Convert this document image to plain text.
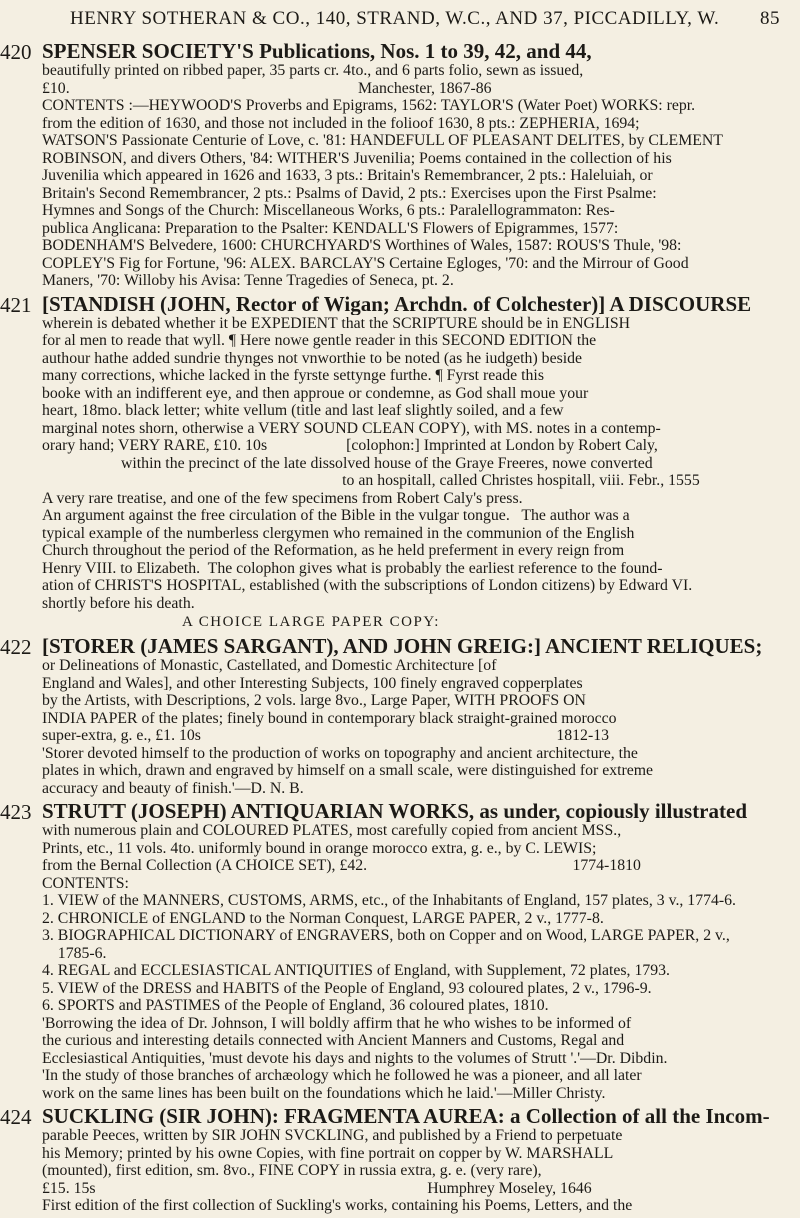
HENRY SOTHERAN & CO., 140, STRAND, W.C., AND 37, PICCADILLY, W. 85
420 SPENSER SOCIETY'S Publications, Nos. 1 to 39, 42, and 44,
beautifully printed on ribbed paper, 35 parts cr. 4to., and 6 parts folio, sewn as issued,
£10.                                                                         Manchester, 1867-86
CONTENTS :—HEYWOOD'S Proverbs and Epigrams, 1562: TAYLOR'S (Water Poet) WORKS: repr.
from the edition of 1630, and those not included in the folioof 1630, 8 pts.: ZEPHERIA, 1694;
WATSON'S Passionate Centurie of Love, c. '81: HANDEFULL OF PLEASANT DELITES, by CLEMENT
ROBINSON, and divers Others, '84: WITHER'S Juvenilia; Poems contained in the collection of his
Juvenilia which appeared in 1626 and 1633, 3 pts.: Britain's Remembrancer, 2 pts.: Haleluiah, or
Britain's Second Remembrancer, 2 pts.: Psalms of David, 2 pts.: Exercises upon the First Psalme:
Hymnes and Songs of the Church: Miscellaneous Works, 6 pts.: Paralellogrammaton: Res-
publica Anglicana: Preparation to the Psalter: KENDALL'S Flowers of Epigrammes, 1577:
BODENHAM'S Belvedere, 1600: CHURCHYARD'S Worthines of Wales, 1587: ROUS'S Thule, '98:
COPLEY'S Fig for Fortune, '96: ALEX. BARCLAY'S Certaine Egloges, '70: and the Mirrour of Good
Maners, '70: Willoby his Avisa: Tenne Tragedies of Seneca, pt. 2.
421 [STANDISH (JOHN, Rector of Wigan; Archdn. of Colchester)] A DISCOURSE
wherein is debated whether it be EXPEDIENT that the SCRIPTURE should be in ENGLISH
for al men to reade that wyll. ¶ Here nowe gentle reader in this SECOND EDITION the
authour hathe added sundrie thynges not vnworthie to be noted (as he iudgeth) beside
many corrections, whiche lacked in the fyrste settynge furthe. ¶ Fyrst reade this
booke with an indifferent eye, and then approue or condemne, as God shall moue your
heart, 18mo. black letter; white vellum (title and last leaf slightly soiled, and a few
marginal notes shorn, otherwise a VERY SOUND CLEAN COPY), with MS. notes in a contemp-
orary hand; VERY RARE, £10. 10s                    [colophon:] Imprinted at London by Robert Caly,
within the precinct of the late dissolved house of the Graye Freeres, nowe converted
to an hospitall, called Christes hospitall, viii. Febr., 1555
A very rare treatise, and one of the few specimens from Robert Caly's press.
An argument against the free circulation of the Bible in the vulgar tongue.   The author was a
typical example of the numberless clergymen who remained in the communion of the English
Church throughout the period of the Reformation, as he held preferment in every reign from
Henry VIII. to Elizabeth.  The colophon gives what is probably the earliest reference to the found-
ation of CHRIST'S HOSPITAL, established (with the subscriptions of London citizens) by Edward VI.
shortly before his death.
A CHOICE LARGE PAPER COPY:
422 [STORER (JAMES SARGANT), AND JOHN GREIG:] ANCIENT RELIQUES;
or Delineations of Monastic, Castellated, and Domestic Architecture [of
England and Wales], and other Interesting Subjects, 100 finely engraved copperplates
by the Artists, with Descriptions, 2 vols. large 8vo., Large Paper, WITH PROOFS ON
INDIA PAPER of the plates; finely bound in contemporary black straight-grained morocco
super-extra, g. e., £1. 10s                                                                                          1812-13
'Storer devoted himself to the production of works on topography and ancient architecture, the
plates in which, drawn and engraved by himself on a small scale, were distinguished for extreme
accuracy and beauty of finish.'—D. N. B.
423 STRUTT (JOSEPH) ANTIQUARIAN WORKS, as under, copiously illustrated
with numerous plain and COLOURED PLATES, most carefully copied from ancient MSS.,
Prints, etc., 11 vols. 4to. uniformly bound in orange morocco extra, g. e., by C. LEWIS;
from the Bernal Collection (A CHOICE SET), £42.                                                    1774-1810
CONTENTS:
1. VIEW of the MANNERS, CUSTOMS, ARMS, etc., of the Inhabitants of England, 157 plates, 3 v., 1774-6.
2. CHRONICLE of ENGLAND to the Norman Conquest, LARGE PAPER, 2 v., 1777-8.
3. BIOGRAPHICAL DICTIONARY of ENGRAVERS, both on Copper and on Wood, LARGE PAPER, 2 v.,
1785-6.
4. REGAL and ECCLESIASTICAL ANTIQUITIES of England, with Supplement, 72 plates, 1793.
5. VIEW of the DRESS and HABITS of the People of England, 93 coloured plates, 2 v., 1796-9.
6. SPORTS and PASTIMES of the People of England, 36 coloured plates, 1810.
'Borrowing the idea of Dr. Johnson, I will boldly affirm that he who wishes to be informed of
the curious and interesting details connected with Ancient Manners and Customs, Regal and
Ecclesiastical Antiquities, 'must devote his days and nights to the volumes of Strutt '.'—Dr. Dibdin.
'In the study of those branches of archæology which he followed he was a pioneer, and all later
work on the same lines has been built on the foundations which he laid.'—Miller Christy.
424 SUCKLING (SIR JOHN): FRAGMENTA AUREA: a Collection of all the Incom-
parable Peeces, written by SIR JOHN SVCKLING, and published by a Friend to perpetuate
his Memory; printed by his owne Copies, with fine portrait on copper by W. MARSHALL
(mounted), first edition, sm. 8vo., FINE COPY in russia extra, g. e. (very rare),
£15. 15s                                                                                    Humphrey Moseley, 1646
First edition of the first collection of Suckling's works, containing his Poems, Letters, and the
